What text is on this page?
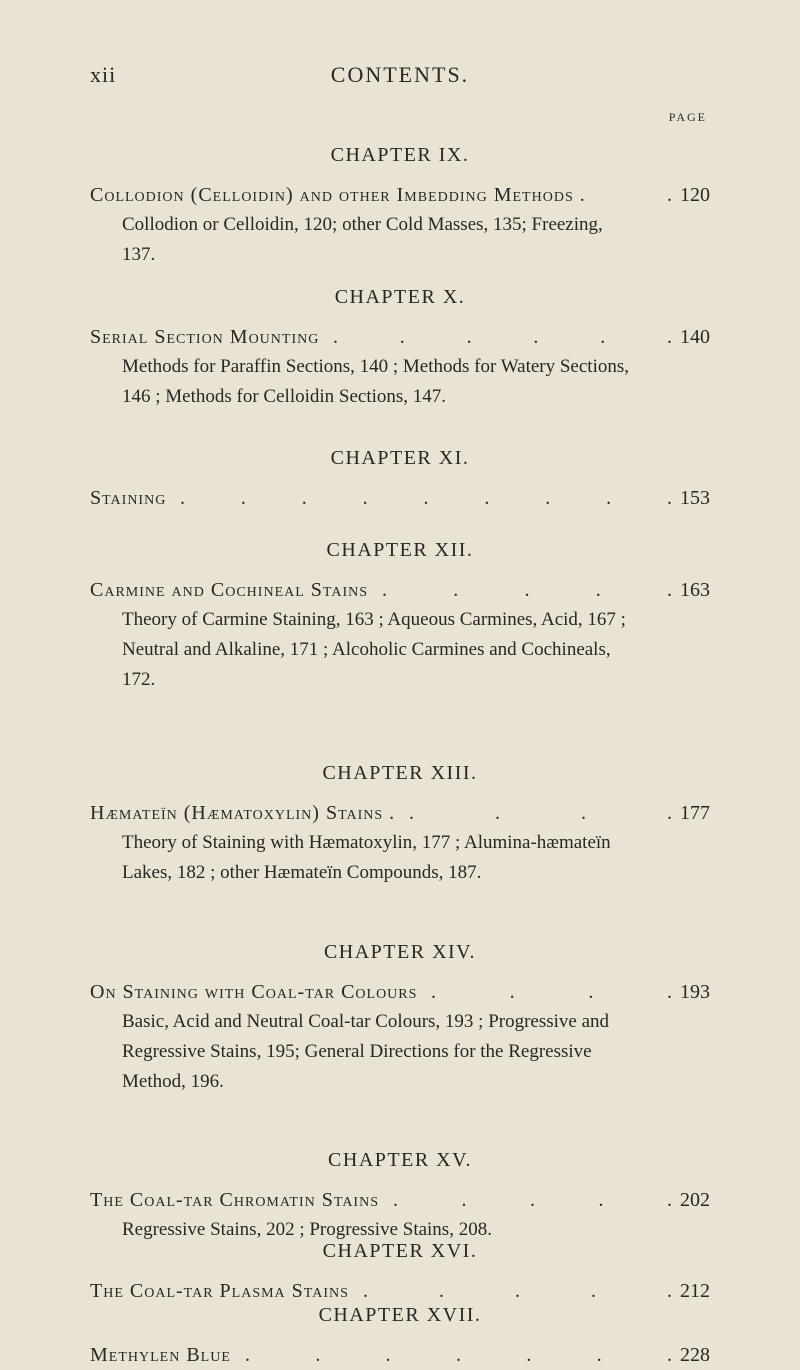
xii	CONTENTS.
PAGE
CHAPTER IX.
Collodion (Celloidin) and other Imbedding Methods .	. 120
Collodion or Celloidin, 120; other Cold Masses, 135; Freezing,
137.
CHAPTER X.
Serial Section Mounting .	.	.	.	.	. 140
Methods for Paraffin Sections, 140 ; Methods for Watery Sections,
146 ; Methods for Celloidin Sections, 147.
CHAPTER XI.
Staining .	.	.	.	.	.	.	.	. 153
CHAPTER XII.
Carmine and Cochineal Stains .	.	.	.	. 163
Theory of Carmine Staining, 163 ; Aqueous Carmines, Acid, 167 ;
Neutral and Alkaline, 171 ; Alcoholic Carmines and Cochineals,
172.
CHAPTER XIII.
Hæmateïn (Hæmatoxylin) Stains . .	.	.	. 177
Theory of Staining with Hæmatoxylin, 177 ; Alumina-hæmateïn
Lakes, 182 ; other Hæmateïn Compounds, 187.
CHAPTER XIV.
On Staining with Coal-tar Colours .	.	.	. 193
Basic, Acid and Neutral Coal-tar Colours, 193 ; Progressive and
Regressive Stains, 195; General Directions for the Regressive
Method, 196.
CHAPTER XV.
The Coal-tar Chromatin Stains .	.	.	.	. 202
Regressive Stains, 202 ; Progressive Stains, 208.
CHAPTER XVI.
The Coal-tar Plasma Stains .	.	.	.	. 212
CHAPTER XVII.
Methylen Blue .	.	.	.	.	.	. 228
